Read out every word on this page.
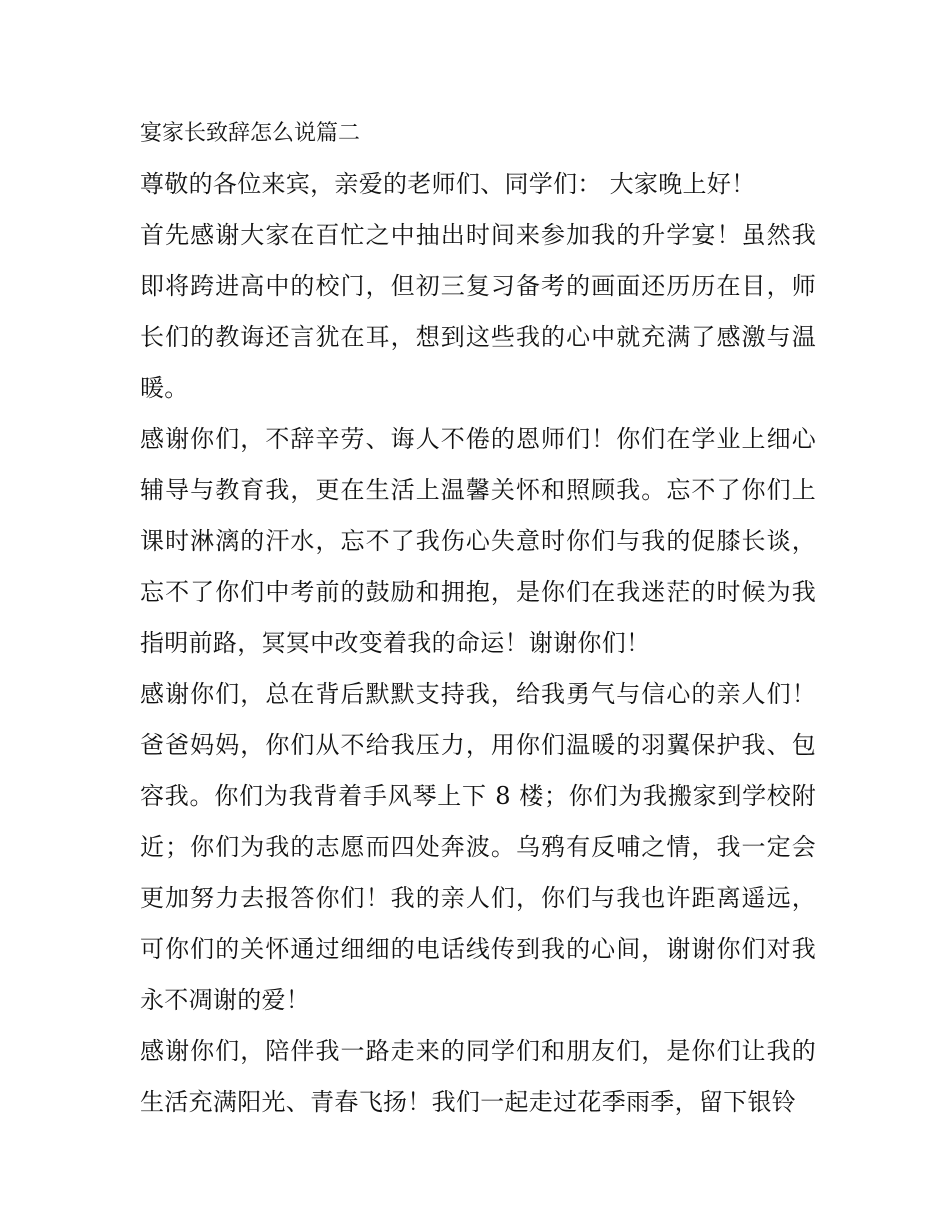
宴家长致辞怎么说篇二

尊敬的各位来宾，亲爱的老师们、同学们： 大家晚上好！

首先感谢大家在百忙之中抽出时间来参加我的升学宴！虽然我即将跨进高中的校门，但初三复习备考的画面还历历在目，师长们的教诲还言犹在耳，想到这些我的心中就充满了感激与温暖。

感谢你们，不辞辛劳、诲人不倦的恩师们！你们在学业上细心辅导与教育我，更在生活上温馨关怀和照顾我。忘不了你们上课时淋漓的汗水，忘不了我伤心失意时你们与我的促膝长谈，忘不了你们中考前的鼓励和拥抱，是你们在我迷茫的时候为我指明前路，冥冥中改变着我的命运！谢谢你们！

感谢你们，总在背后默默支持我，给我勇气与信心的亲人们！爸爸妈妈，你们从不给我压力，用你们温暖的羽翼保护我、包容我。你们为我背着手风琴上下 8 楼；你们为我搬家到学校附近；你们为我的志愿而四处奔波。乌鸦有反哺之情，我一定会更加努力去报答你们！我的亲人们，你们与我也许距离遥远，可你们的关怀通过细细的电话线传到我的心间，谢谢你们对我永不凋谢的爱！

感谢你们，陪伴我一路走来的同学们和朋友们，是你们让我的生活充满阳光、青春飞扬！我们一起走过花季雨季，留下银铃
